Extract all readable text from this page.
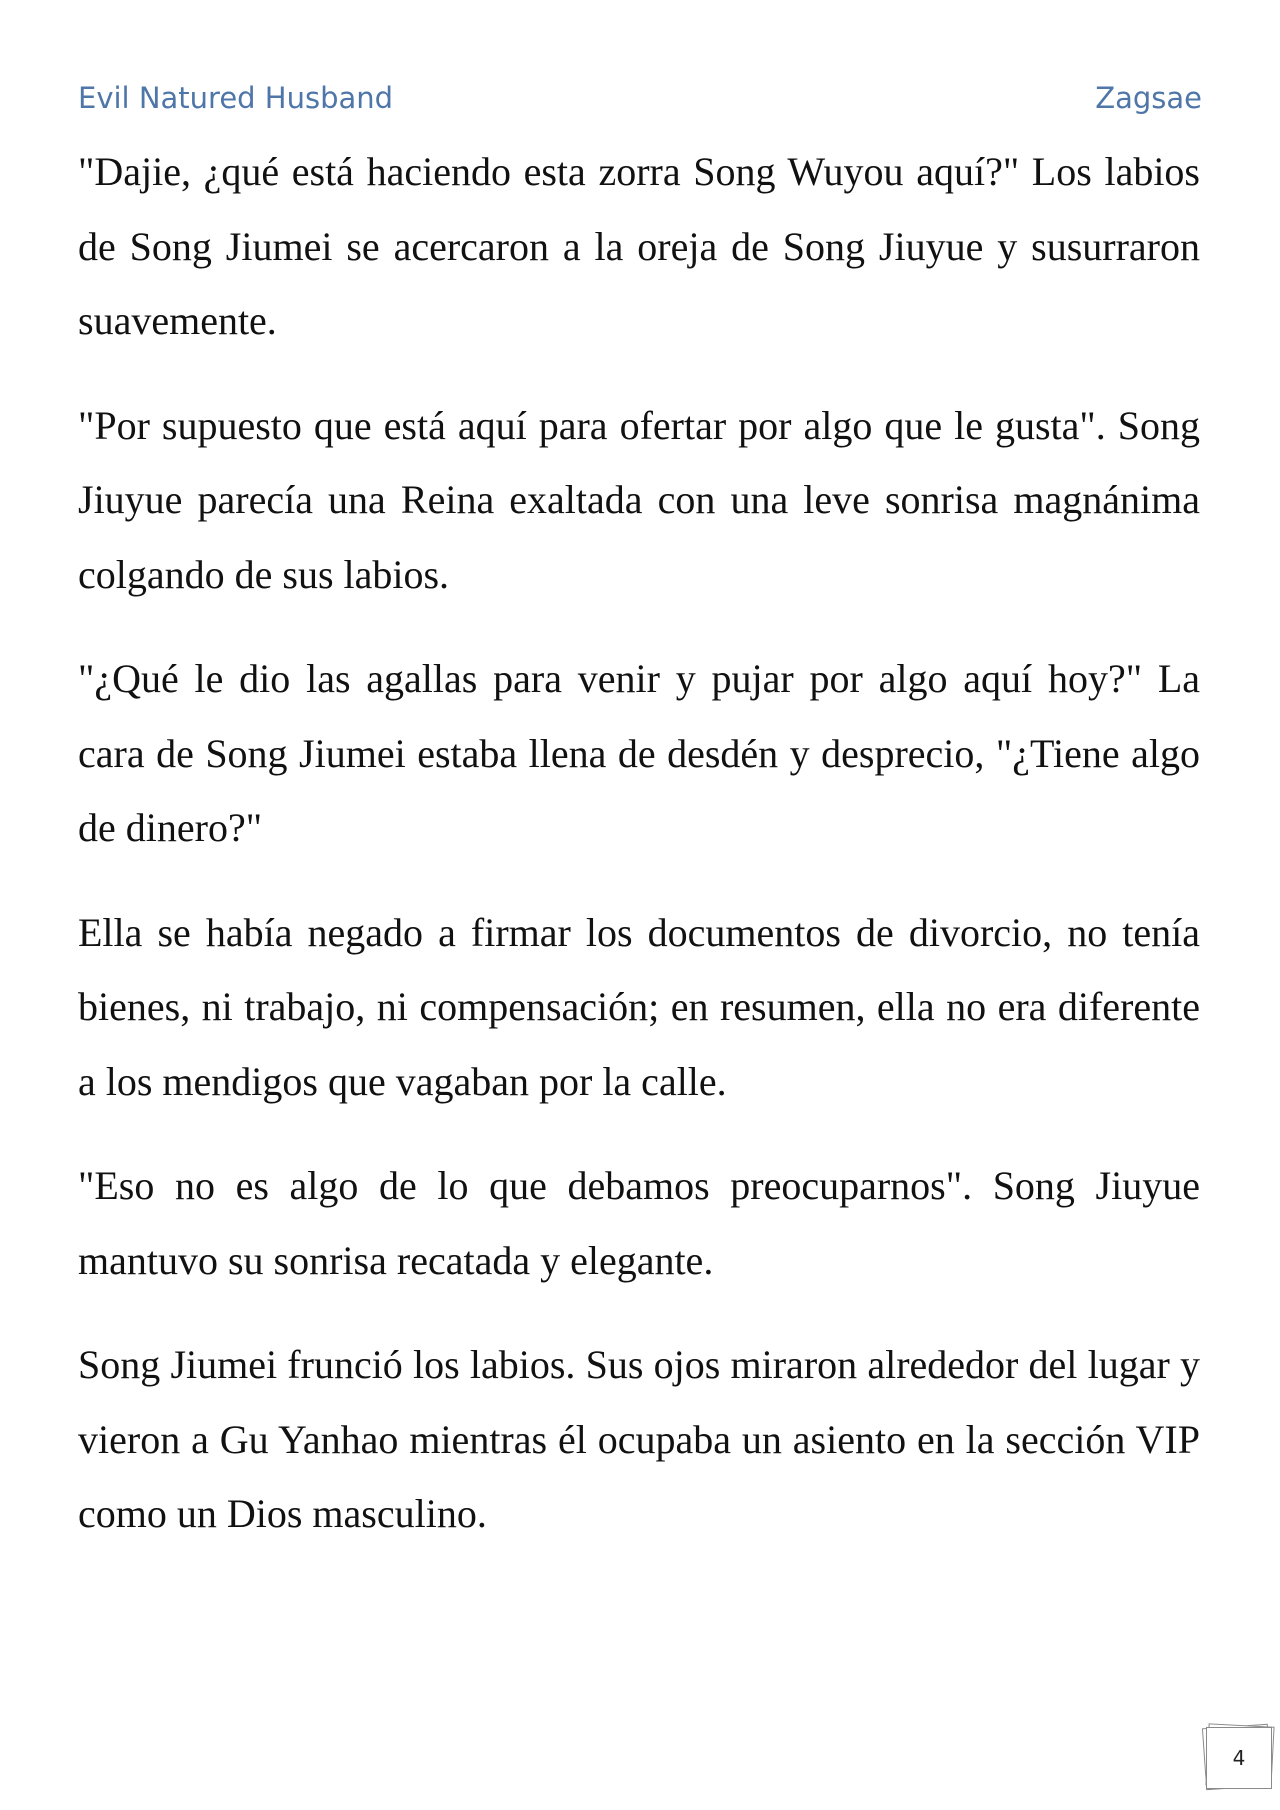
Evil Natured Husband	Zagsae

"Dajie, ¿qué está haciendo esta zorra Song Wuyou aquí?" Los labios de Song Jiumei se acercaron a la oreja de Song Jiuyue y susurraron suavemente.

"Por supuesto que está aquí para ofertar por algo que le gusta". Song Jiuyue parecía una Reina exaltada con una leve sonrisa magnánima colgando de sus labios.

"¿Qué le dio las agallas para venir y pujar por algo aquí hoy?" La cara de Song Jiumei estaba llena de desdén y desprecio, "¿Tiene algo de dinero?"

Ella se había negado a firmar los documentos de divorcio, no tenía bienes, ni trabajo, ni compensación; en resumen, ella no era diferente a los mendigos que vagaban por la calle.

"Eso no es algo de lo que debamos preocuparnos". Song Jiuyue mantuvo su sonrisa recatada y elegante.

Song Jiumei frunció los labios. Sus ojos miraron alrededor del lugar y vieron a Gu Yanhao mientras él ocupaba un asiento en la sección VIP como un Dios masculino.

4
